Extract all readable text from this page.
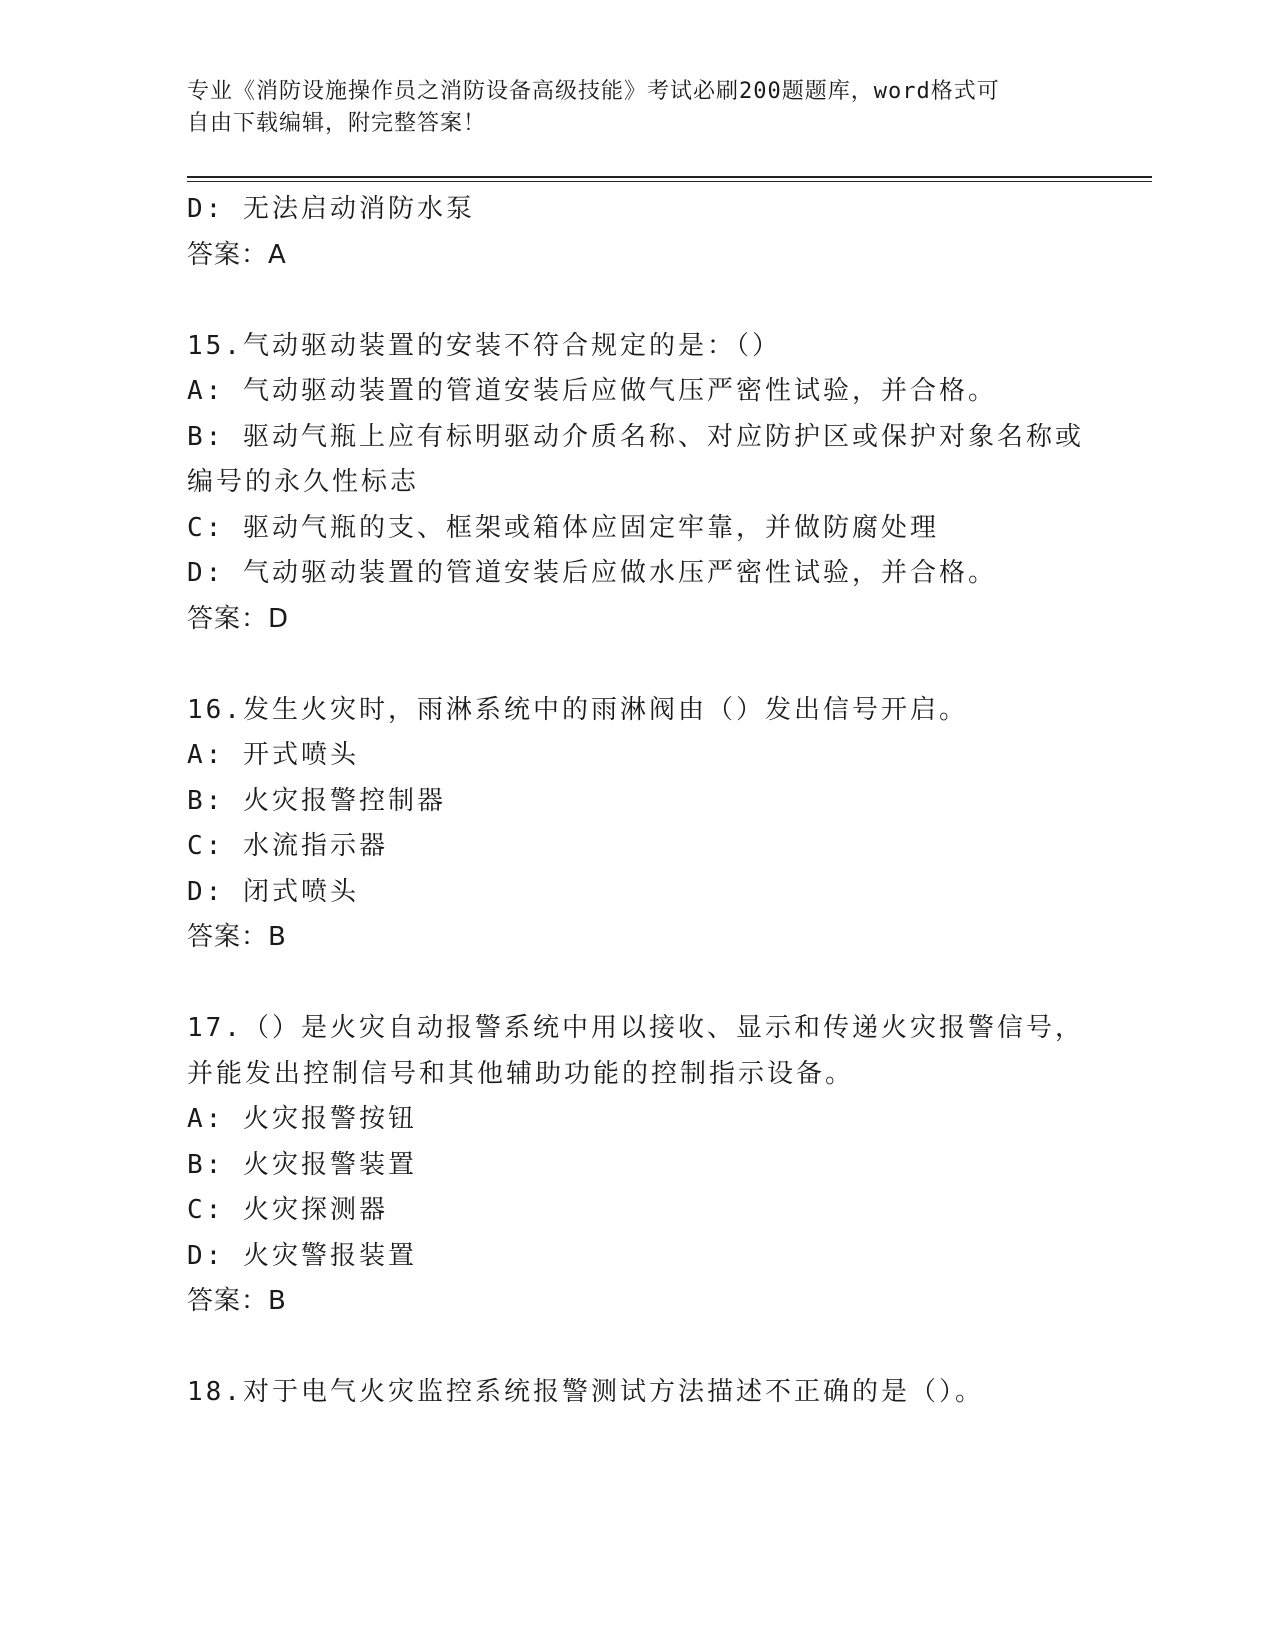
专业《消防设施操作员之消防设备高级技能》考试必刷200题题库，word格式可
自由下载编辑，附完整答案！
D: 无法启动消防水泵
答案：A
15.气动驱动装置的安装不符合规定的是：（）
A: 气动驱动装置的管道安装后应做气压严密性试验，并合格。
B: 驱动气瓶上应有标明驱动介质名称、对应防护区或保护对象名称或
编号的永久性标志
C: 驱动气瓶的支、框架或箱体应固定牢靠，并做防腐处理
D: 气动驱动装置的管道安装后应做水压严密性试验，并合格。
答案：D
16.发生火灾时，雨淋系统中的雨淋阀由（）发出信号开启。
A: 开式喷头
B: 火灾报警控制器
C: 水流指示器
D: 闭式喷头
答案：B
17.（）是火灾自动报警系统中用以接收、显示和传递火灾报警信号，
并能发出控制信号和其他辅助功能的控制指示设备。
A: 火灾报警按钮
B: 火灾报警装置
C: 火灾探测器
D: 火灾警报装置
答案：B
18.对于电气火灾监控系统报警测试方法描述不正确的是（）。
